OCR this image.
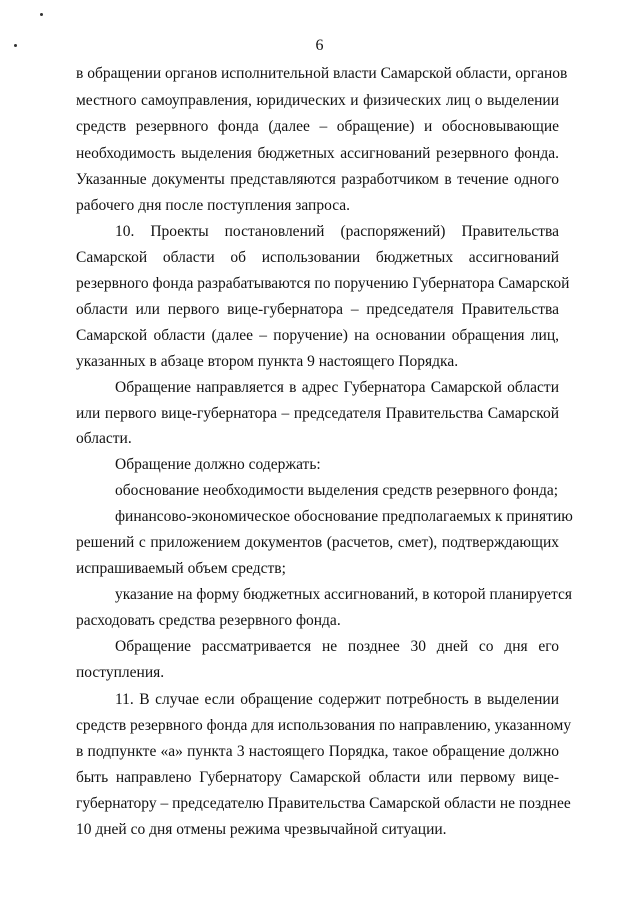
6
в обращении органов исполнительной власти Самарской области, органов
местного самоуправления, юридических и физических лиц о выделении
средств резервного фонда (далее – обращение) и обосновывающие
необходимость выделения бюджетных ассигнований резервного фонда.
Указанные документы представляются разработчиком в течение одного
рабочего дня после поступления запроса.
10. Проекты постановлений (распоряжений) Правительства
Самарской области об использовании бюджетных ассигнований
резервного фонда разрабатываются по поручению Губернатора Самарской
области или первого вице-губернатора – председателя Правительства
Самарской области (далее – поручение) на основании обращения лиц,
указанных в абзаце втором пункта 9 настоящего Порядка.
Обращение направляется в адрес Губернатора Самарской области
или первого вице-губернатора – председателя Правительства Самарской
области.
Обращение должно содержать:
обоснование необходимости выделения средств резервного фонда;
финансово-экономическое обоснование предполагаемых к принятию
решений с приложением документов (расчетов, смет), подтверждающих
испрашиваемый объем средств;
указание на форму бюджетных ассигнований, в которой планируется
расходовать средства резервного фонда.
Обращение рассматривается не позднее 30 дней со дня его
поступления.
11. В случае если обращение содержит потребность в выделении
средств резервного фонда для использования по направлению, указанному
в подпункте «а» пункта 3 настоящего Порядка, такое обращение должно
быть направлено Губернатору Самарской области или первому вице-
губернатору – председателю Правительства Самарской области не позднее
10 дней со дня отмены режима чрезвычайной ситуации.
